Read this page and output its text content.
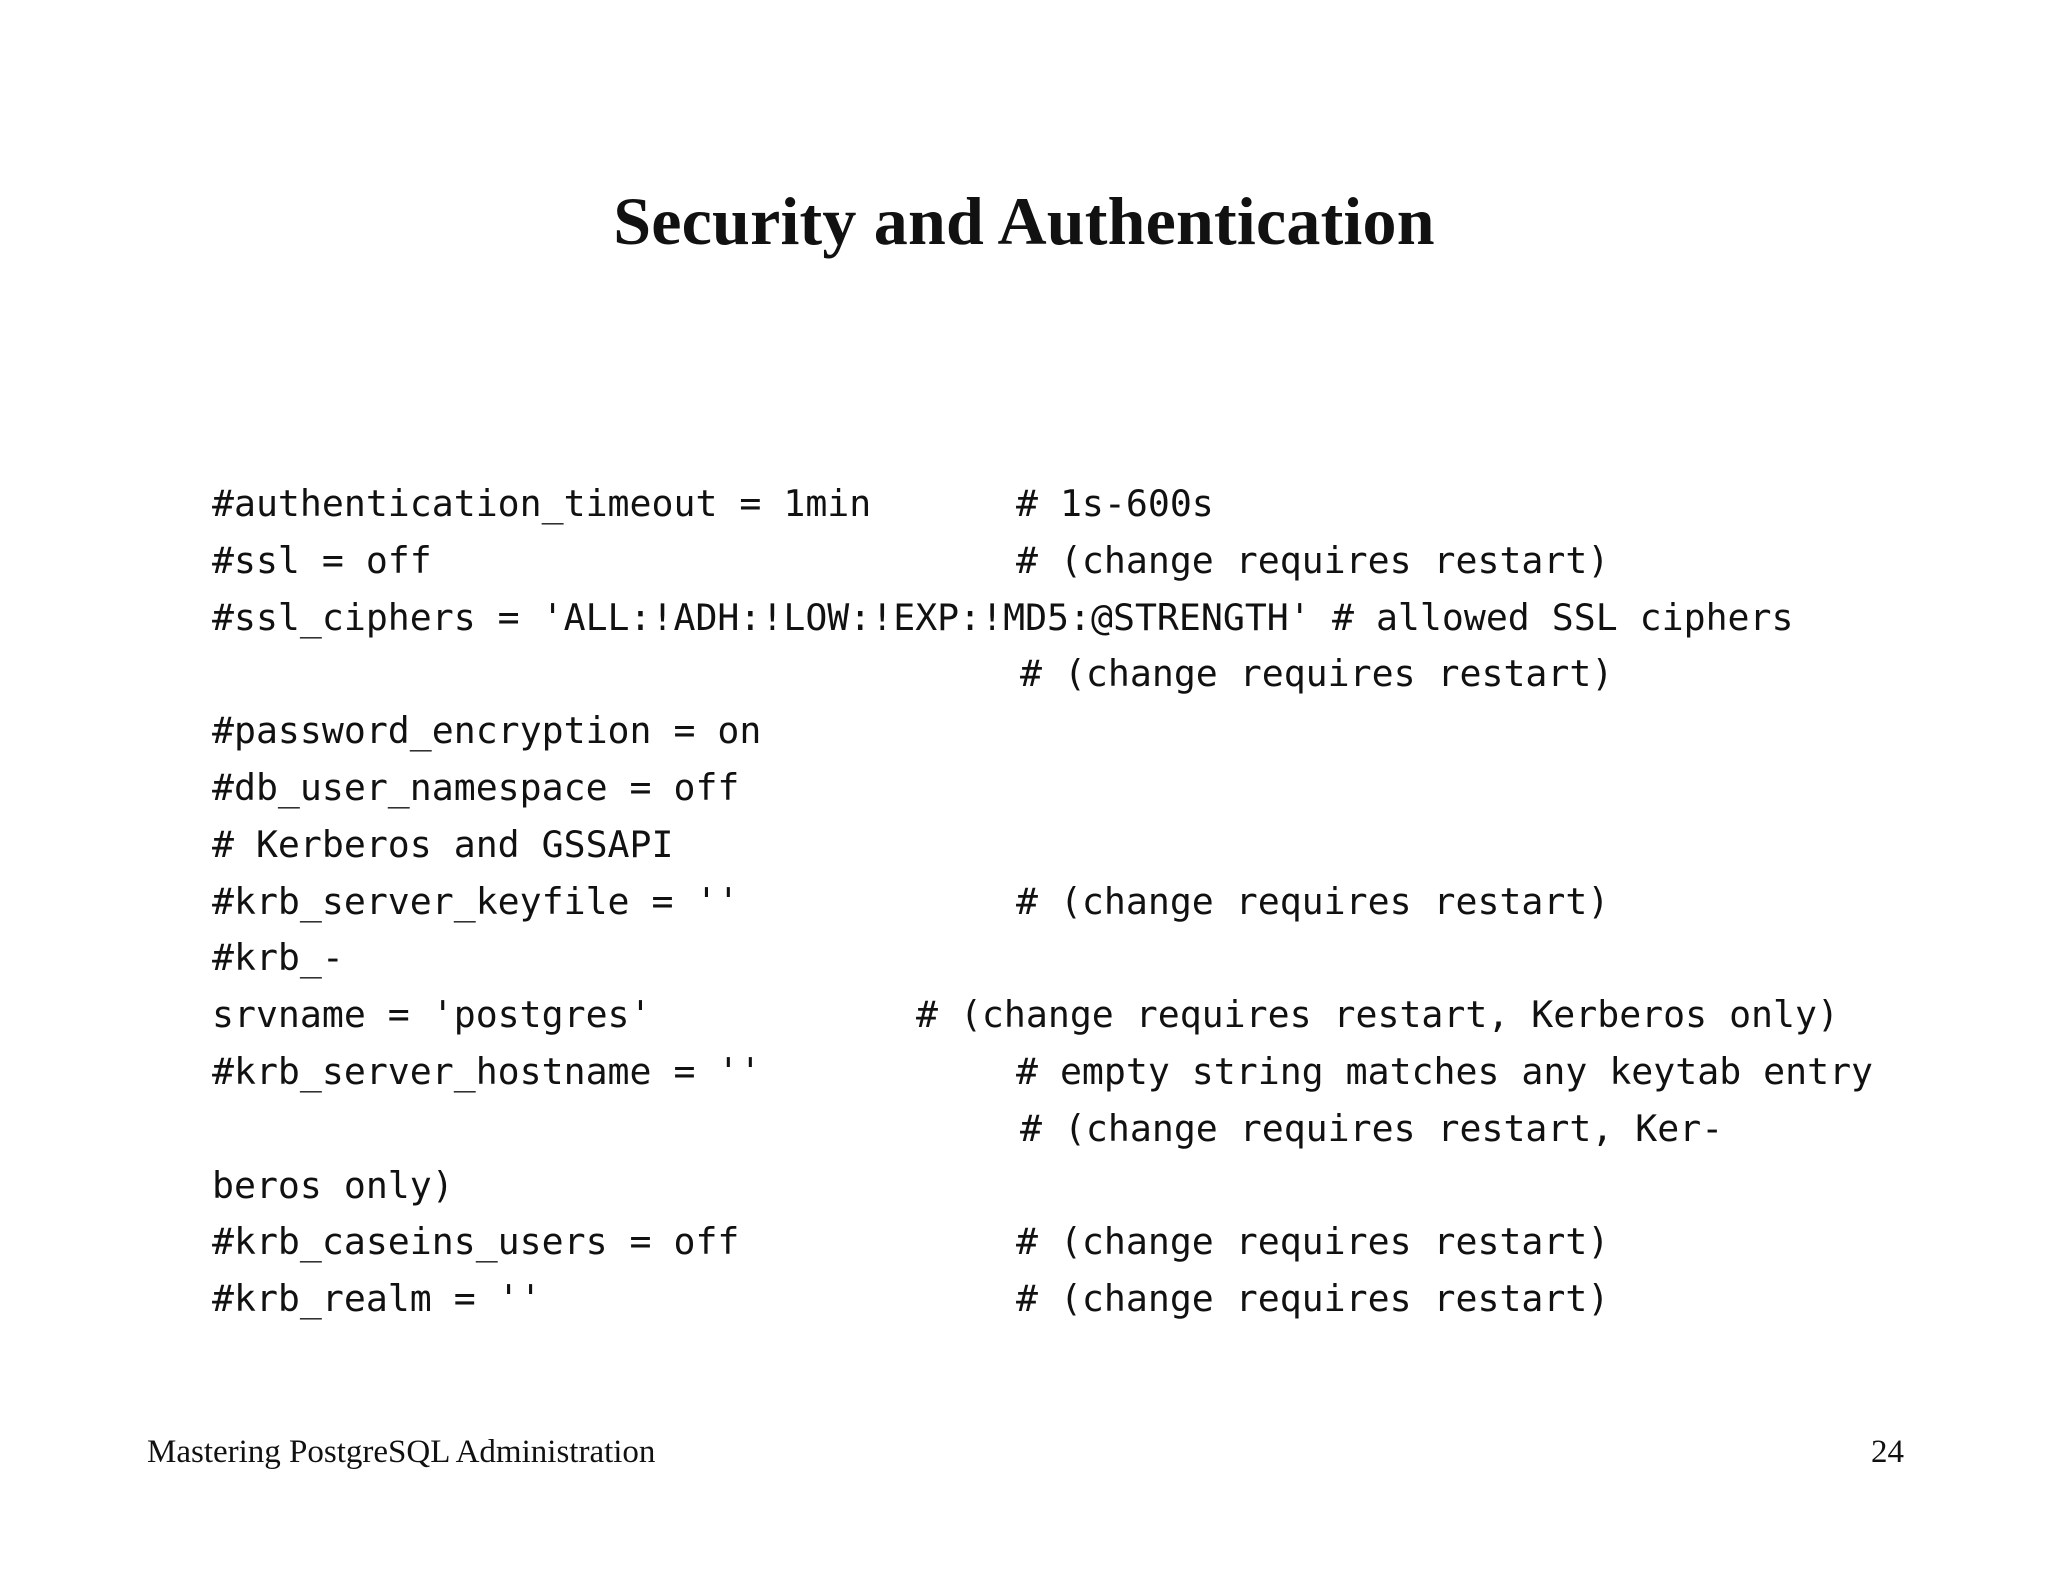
Security and Authentication

#authentication_timeout = 1min

	# 1s-600s

#ssl = off

	# (change requires restart)

#ssl_ciphers = 'ALL:!ADH:!LOW:!EXP:!MD5:@STRENGTH'

# allowed SSL ciphers

# (change requires restart)

#password_encryption = on

#db_user_namespace = off

# Kerberos and GSSAPI

#krb_server_keyfile = ''

	# (change requires restart)

#krb_-

srvname = 'postgres'

	# (change requires restart, Kerberos only)

#krb_server_hostname = ''

	# empty string matches any keytab entry

# (change requires restart, Ker-

beros only)

#krb_caseins_users = off

	# (change requires restart)

#krb_realm = ''

	# (change requires restart)

Mastering PostgreSQL Administration	24
